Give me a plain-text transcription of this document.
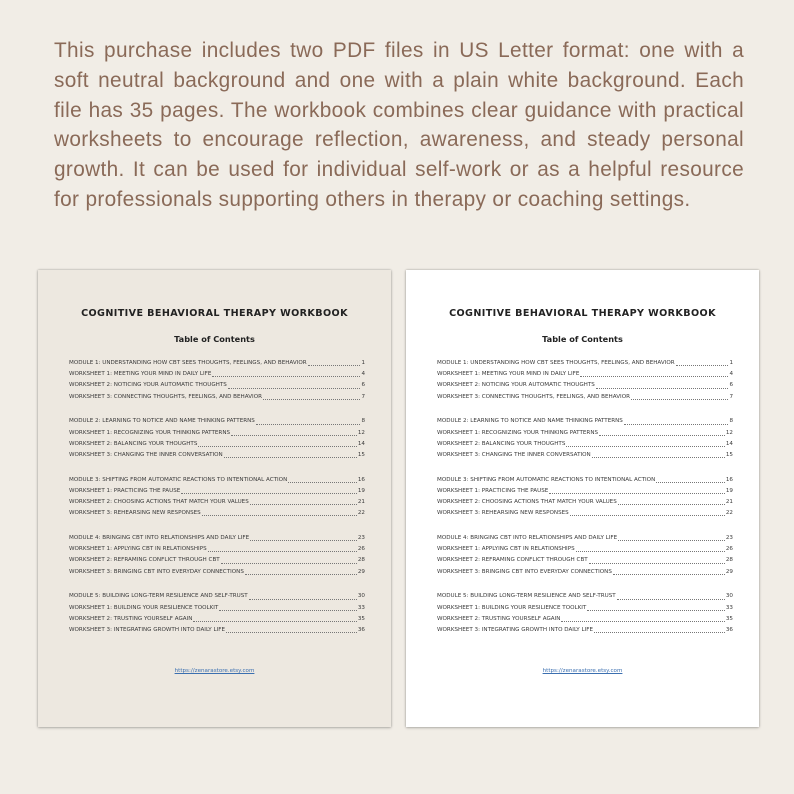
This purchase includes two PDF files in US Letter format: one with a soft neutral background and one with a plain white background. Each file has 35 pages. The workbook combines clear guidance with practical worksheets to encourage reflection, awareness, and steady personal growth. It can be used for individual self-work or as a helpful resource for professionals supporting others in therapy or coaching settings.

COGNITIVE BEHAVIORAL THERAPY WORKBOOK
Table of Contents
MODULE 1: UNDERSTANDING HOW CBT SEES THOUGHTS, FEELINGS, AND BEHAVIOR	1
WORKSHEET 1: MEETING YOUR MIND IN DAILY LIFE	4
WORKSHEET 2: NOTICING YOUR AUTOMATIC THOUGHTS	6
WORKSHEET 3: CONNECTING THOUGHTS, FEELINGS, AND BEHAVIOR	7
MODULE 2: LEARNING TO NOTICE AND NAME THINKING PATTERNS	8
WORKSHEET 1: RECOGNIZING YOUR THINKING PATTERNS	12
WORKSHEET 2: BALANCING YOUR THOUGHTS	14
WORKSHEET 3: CHANGING THE INNER CONVERSATION	15
MODULE 3: SHIFTING FROM AUTOMATIC REACTIONS TO INTENTIONAL ACTION	16
WORKSHEET 1: PRACTICING THE PAUSE	19
WORKSHEET 2: CHOOSING ACTIONS THAT MATCH YOUR VALUES	21
WORKSHEET 3: REHEARSING NEW RESPONSES	22
MODULE 4: BRINGING CBT INTO RELATIONSHIPS AND DAILY LIFE	23
WORKSHEET 1: APPLYING CBT IN RELATIONSHIPS	26
WORKSHEET 2: REFRAMING CONFLICT THROUGH CBT	28
WORKSHEET 3: BRINGING CBT INTO EVERYDAY CONNECTIONS	29
MODULE 5: BUILDING LONG-TERM RESILIENCE AND SELF-TRUST	30
WORKSHEET 1: BUILDING YOUR RESILIENCE TOOLKIT	33
WORKSHEET 2: TRUSTING YOURSELF AGAIN	35
WORKSHEET 3: INTEGRATING GROWTH INTO DAILY LIFE	36
https://zenarastore.etsy.com
COGNITIVE BEHAVIORAL THERAPY WORKBOOK
Table of Contents
MODULE 1: UNDERSTANDING HOW CBT SEES THOUGHTS, FEELINGS, AND BEHAVIOR	1
WORKSHEET 1: MEETING YOUR MIND IN DAILY LIFE	4
WORKSHEET 2: NOTICING YOUR AUTOMATIC THOUGHTS	6
WORKSHEET 3: CONNECTING THOUGHTS, FEELINGS, AND BEHAVIOR	7
MODULE 2: LEARNING TO NOTICE AND NAME THINKING PATTERNS	8
WORKSHEET 1: RECOGNIZING YOUR THINKING PATTERNS	12
WORKSHEET 2: BALANCING YOUR THOUGHTS	14
WORKSHEET 3: CHANGING THE INNER CONVERSATION	15
MODULE 3: SHIFTING FROM AUTOMATIC REACTIONS TO INTENTIONAL ACTION	16
WORKSHEET 1: PRACTICING THE PAUSE	19
WORKSHEET 2: CHOOSING ACTIONS THAT MATCH YOUR VALUES	21
WORKSHEET 3: REHEARSING NEW RESPONSES	22
MODULE 4: BRINGING CBT INTO RELATIONSHIPS AND DAILY LIFE	23
WORKSHEET 1: APPLYING CBT IN RELATIONSHIPS	26
WORKSHEET 2: REFRAMING CONFLICT THROUGH CBT	28
WORKSHEET 3: BRINGING CBT INTO EVERYDAY CONNECTIONS	29
MODULE 5: BUILDING LONG-TERM RESILIENCE AND SELF-TRUST	30
WORKSHEET 1: BUILDING YOUR RESILIENCE TOOLKIT	33
WORKSHEET 2: TRUSTING YOURSELF AGAIN	35
WORKSHEET 3: INTEGRATING GROWTH INTO DAILY LIFE	36
https://zenarastore.etsy.com
